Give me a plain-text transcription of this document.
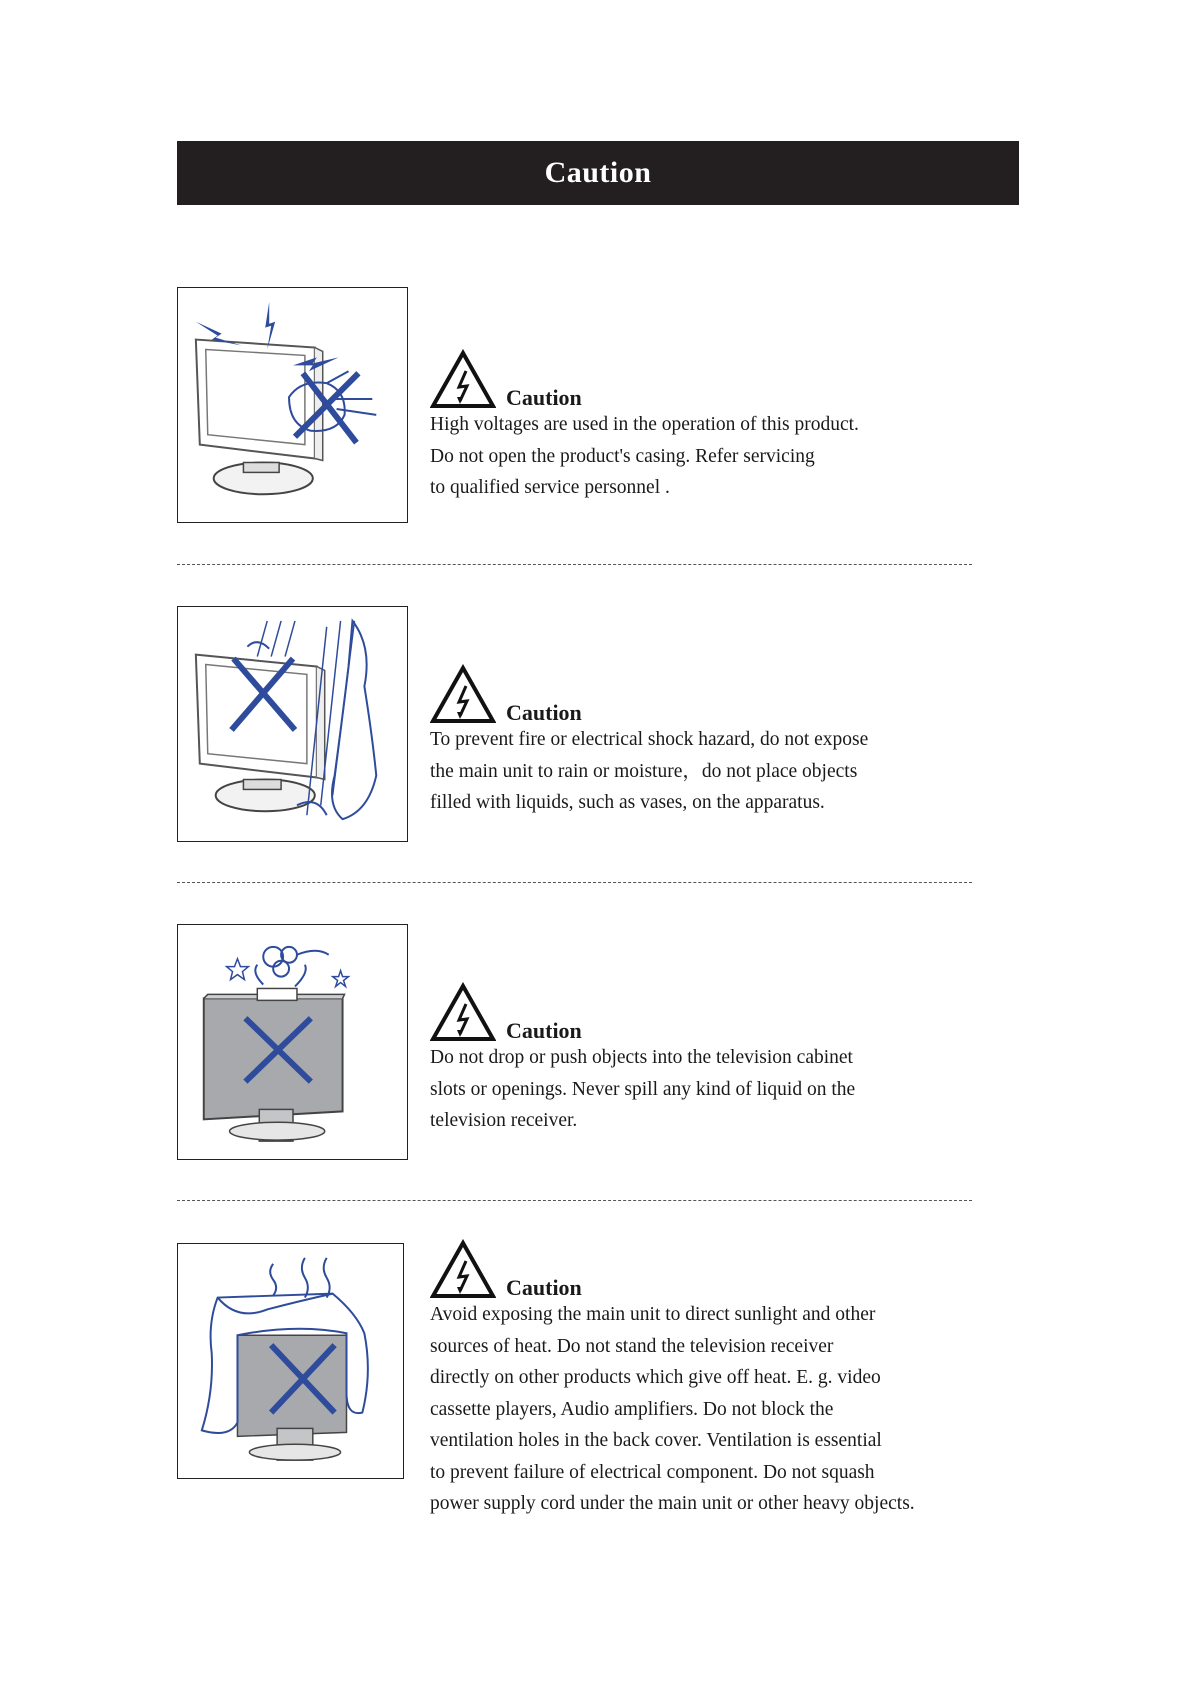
Caution
Caution
High voltages are used in the operation of this product.
Do not open the product's casing. Refer servicing
to qualified service personnel .
Caution
To prevent fire or electrical shock hazard, do not expose
the main unit to rain or moisture，do not place objects
filled with liquids, such as vases, on the apparatus.
Caution
Do not drop or push objects into the television cabinet
slots or openings. Never spill any kind of liquid on the
television receiver.
Caution
Avoid exposing the main unit to direct sunlight and other
sources of heat. Do not stand the television receiver
directly on other products which give off heat. E. g. video
cassette players, Audio amplifiers. Do not block the
ventilation holes in the back cover. Ventilation is essential
to prevent failure of electrical component. Do not squash
power supply cord under the main unit or other heavy objects.
